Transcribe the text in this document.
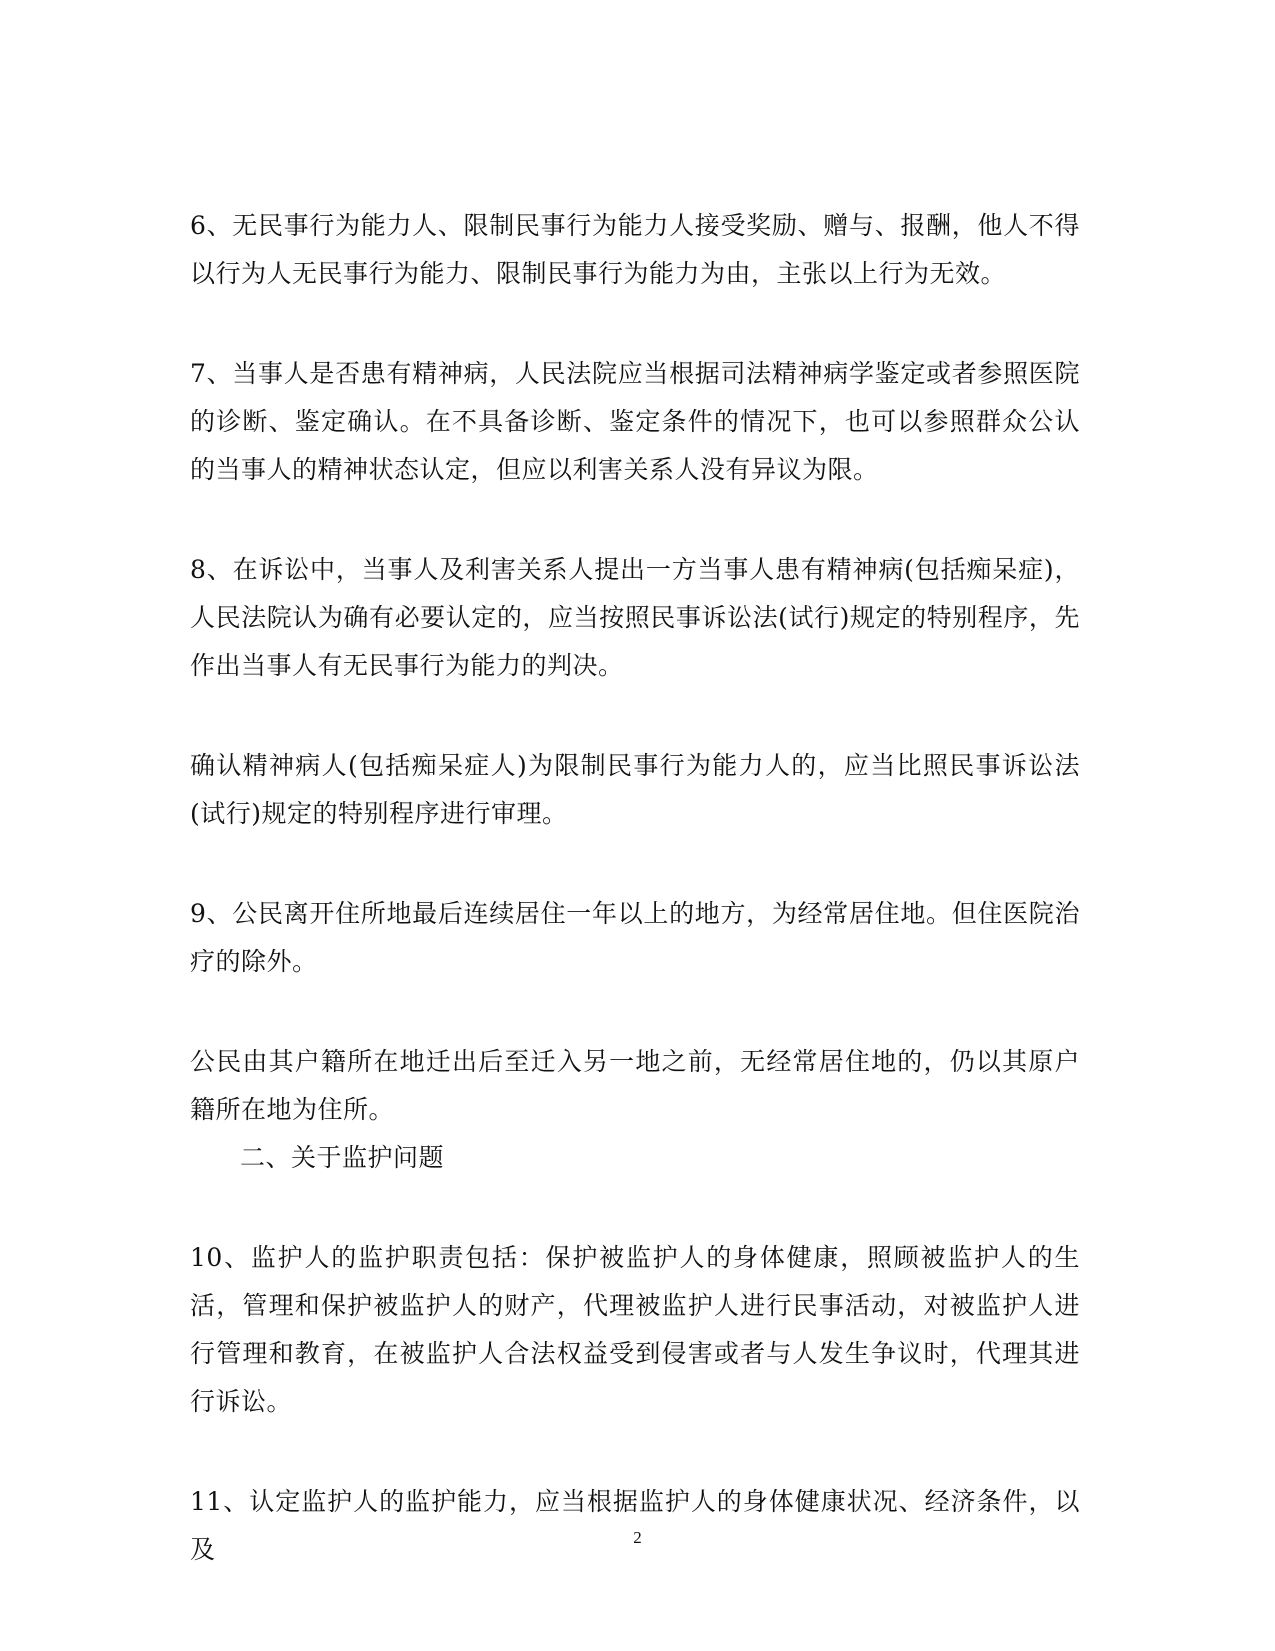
6、无民事行为能力人、限制民事行为能力人接受奖励、赠与、报酬，他人不得以行为人无民事行为能力、限制民事行为能力为由，主张以上行为无效。

7、当事人是否患有精神病，人民法院应当根据司法精神病学鉴定或者参照医院的诊断、鉴定确认。在不具备诊断、鉴定条件的情况下，也可以参照群众公认的当事人的精神状态认定，但应以利害关系人没有异议为限。

8、在诉讼中，当事人及利害关系人提出一方当事人患有精神病(包括痴呆症)，人民法院认为确有必要认定的，应当按照民事诉讼法(试行)规定的特别程序，先作出当事人有无民事行为能力的判决。

确认精神病人(包括痴呆症人)为限制民事行为能力人的，应当比照民事诉讼法(试行)规定的特别程序进行审理。

9、公民离开住所地最后连续居住一年以上的地方，为经常居住地。但住医院治疗的除外。

公民由其户籍所在地迁出后至迁入另一地之前，无经常居住地的，仍以其原户籍所在地为住所。

二、关于监护问题

10、监护人的监护职责包括：保护被监护人的身体健康，照顾被监护人的生活，管理和保护被监护人的财产，代理被监护人进行民事活动，对被监护人进行管理和教育，在被监护人合法权益受到侵害或者与人发生争议时，代理其进行诉讼。

11、认定监护人的监护能力，应当根据监护人的身体健康状况、经济条件，以及	2
